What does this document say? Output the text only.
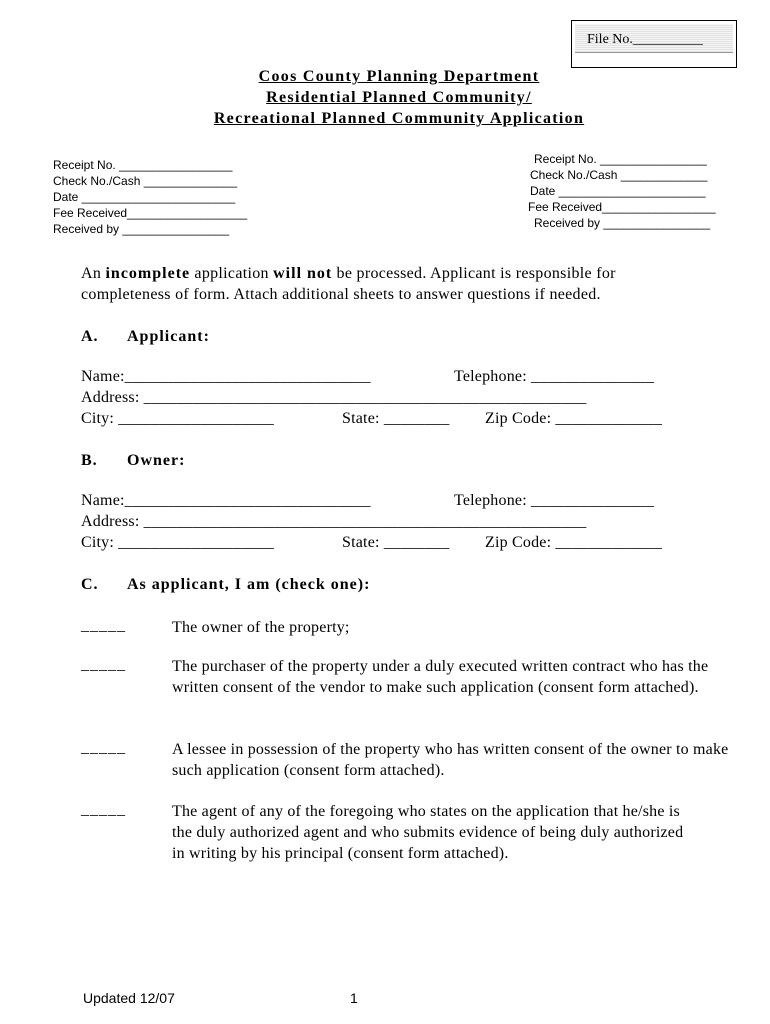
File No.__________
Coos County Planning Department
Residential Planned Community/
Recreational Planned Community Application
Receipt No. _________________
Check No./Cash ______________
Date _______________________
Fee Received__________________
Received by ________________
Receipt No. ________________
Check No./Cash _____________
Date ______________________
Fee Received_________________
Received by ________________
An incomplete application will not be processed. Applicant is responsible for
completeness of form. Attach additional sheets to answer questions if needed.
A. Applicant:
Name:______________________________	Telephone: _______________
Address: ______________________________________________________
City: ___________________	State: ________ Zip Code: _____________
B. Owner:
Name:______________________________	Telephone: _______________
Address: ______________________________________________________
City: ___________________	State: ________ Zip Code: _____________
C. As applicant, I am (check one):
_____	The owner of the property;
_____	The purchaser of the property under a duly executed written contract who has the written consent of the vendor to make such application (consent form attached).
_____	A lessee in possession of the property who has written consent of the owner to make such application (consent form attached).
_____	The agent of any of the foregoing who states on the application that he/she is the duly authorized agent and who submits evidence of being duly authorized in writing by his principal (consent form attached).
Updated 12/07	1
